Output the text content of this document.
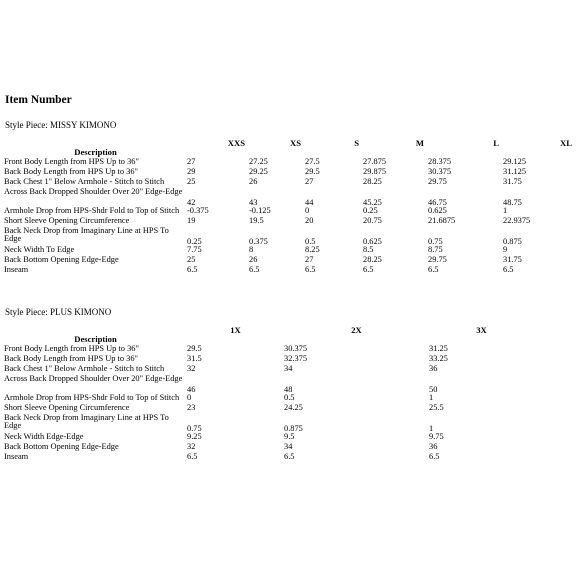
Item Number
Style Piece: MISSY KIMONO
	XXS	XS	S	M	L	XL
Description						
Front Body Length from HPS Up to 36"	27	27.25	27.5	27.875	28.375	29.125
Back Body Length from HPS Up to 36"	29	29.25	29.5	29.875	30.375	31.125
Back Chest 1" Below Armhole - Stitch to Stitch	25	26	27	28.25	29.75	31.75
Across Back Dropped Shoulder Over 20" Edge-Edge	42	43	44	45.25	46.75	48.75
Armhole Drop from HPS-Shdr Fold to Top of Stitch	-0.375	-0.125	0	0.25	0.625	1
Short Sleeve Opening Circumference	19	19.5	20	20.75	21.6875	22.9375
Back Neck Drop from Imaginary Line at HPS To Edge	0.25	0.375	0.5	0.625	0.75	0.875
Neck Width To Edge	7.75	8	8.25	8.5	8.75	9
Back Bottom Opening Edge-Edge	25	26	27	28.25	29.75	31.75
Inseam	6.5	6.5	6.5	6.5	6.5	6.5
Style Piece: PLUS KIMONO
	1X	2X	3X
Description			
Front Body Length from HPS Up to 36"	29.5	30.375	31.25
Back Body Length from HPS Up to 36"	31.5	32.375	33.25
Back Chest 1" Below Armhole - Stitch to Stitch	32	34	36
Across Back Dropped Shoulder Over 20" Edge-Edge	46	48	50
Armhole Drop from HPS-Shdr Fold to Top of Stitch	0	0.5	1
Short Sleeve Opening Circumference	23	24.25	25.5
Back Neck Drop from Imaginary Line at HPS To Edge	0.75	0.875	1
Neck Width Edge-Edge	9.25	9.5	9.75
Back Bottom Opening Edge-Edge	32	34	36
Inseam	6.5	6.5	6.5
